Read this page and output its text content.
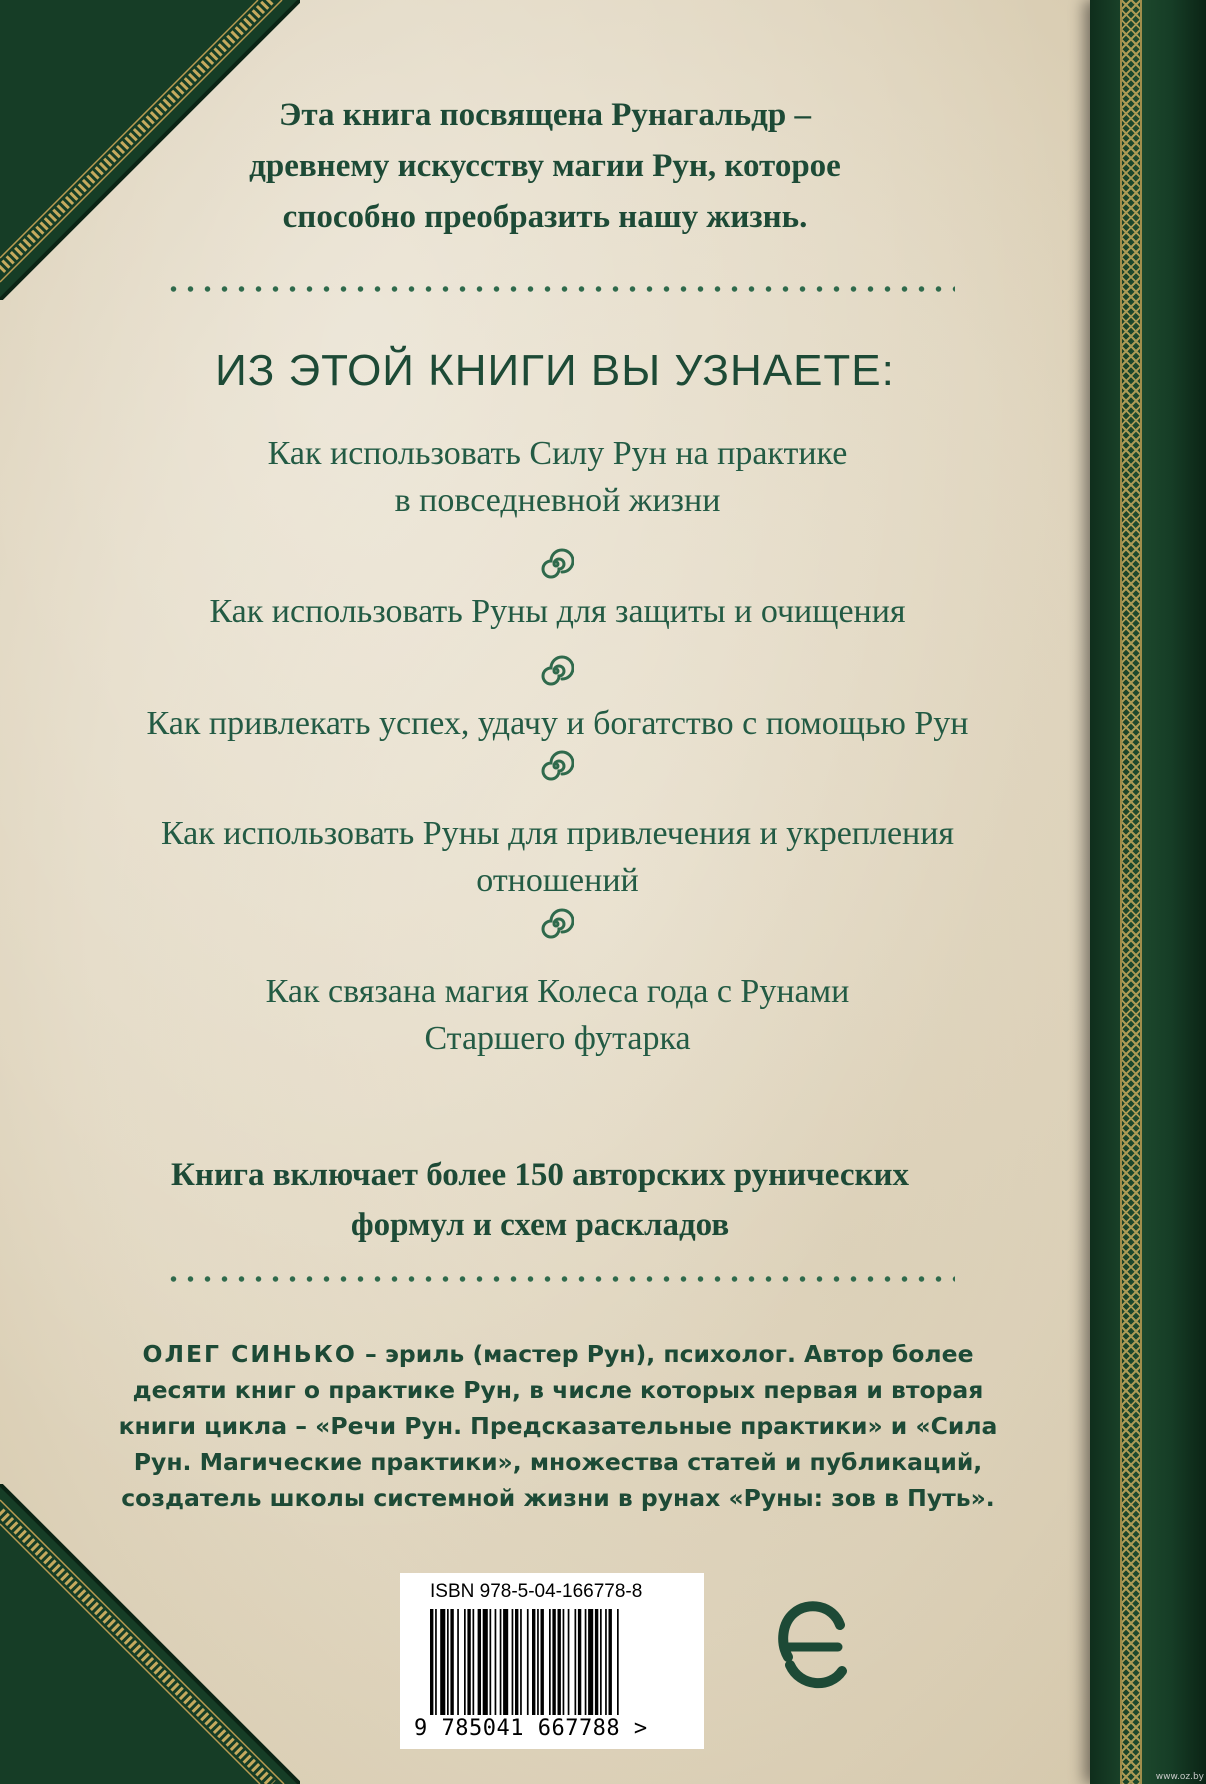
Эта книга посвящена Рунагальдр –
древнему искусству магии Рун, которое
способно преобразить нашу жизнь.

ИЗ ЭТОЙ КНИГИ ВЫ УЗНАЕТЕ:

Как использовать Силу Рун на практике
в повседневной жизни

Как использовать Руны для защиты и очищения

Как привлекать успех, удачу и богатство с помощью Рун

Как использовать Руны для привлечения и укрепления
отношений

Как связана магия Колеса года с Рунами
Старшего футарка

Книга включает более 150 авторских рунических
формул и схем раскладов

ОЛЕГ СИНЬКО – эриль (мастер Рун), психолог. Автор более
десяти книг о практике Рун, в числе которых первая и вторая
книги цикла – «Речи Рун. Предсказательные практики» и «Сила
Рун. Магические практики», множества статей и публикаций,
создатель школы системной жизни в рунах «Руны: зов в Путь».

ISBN 978-5-04-166778-8

9 785041 667788 >

www.oz.by
